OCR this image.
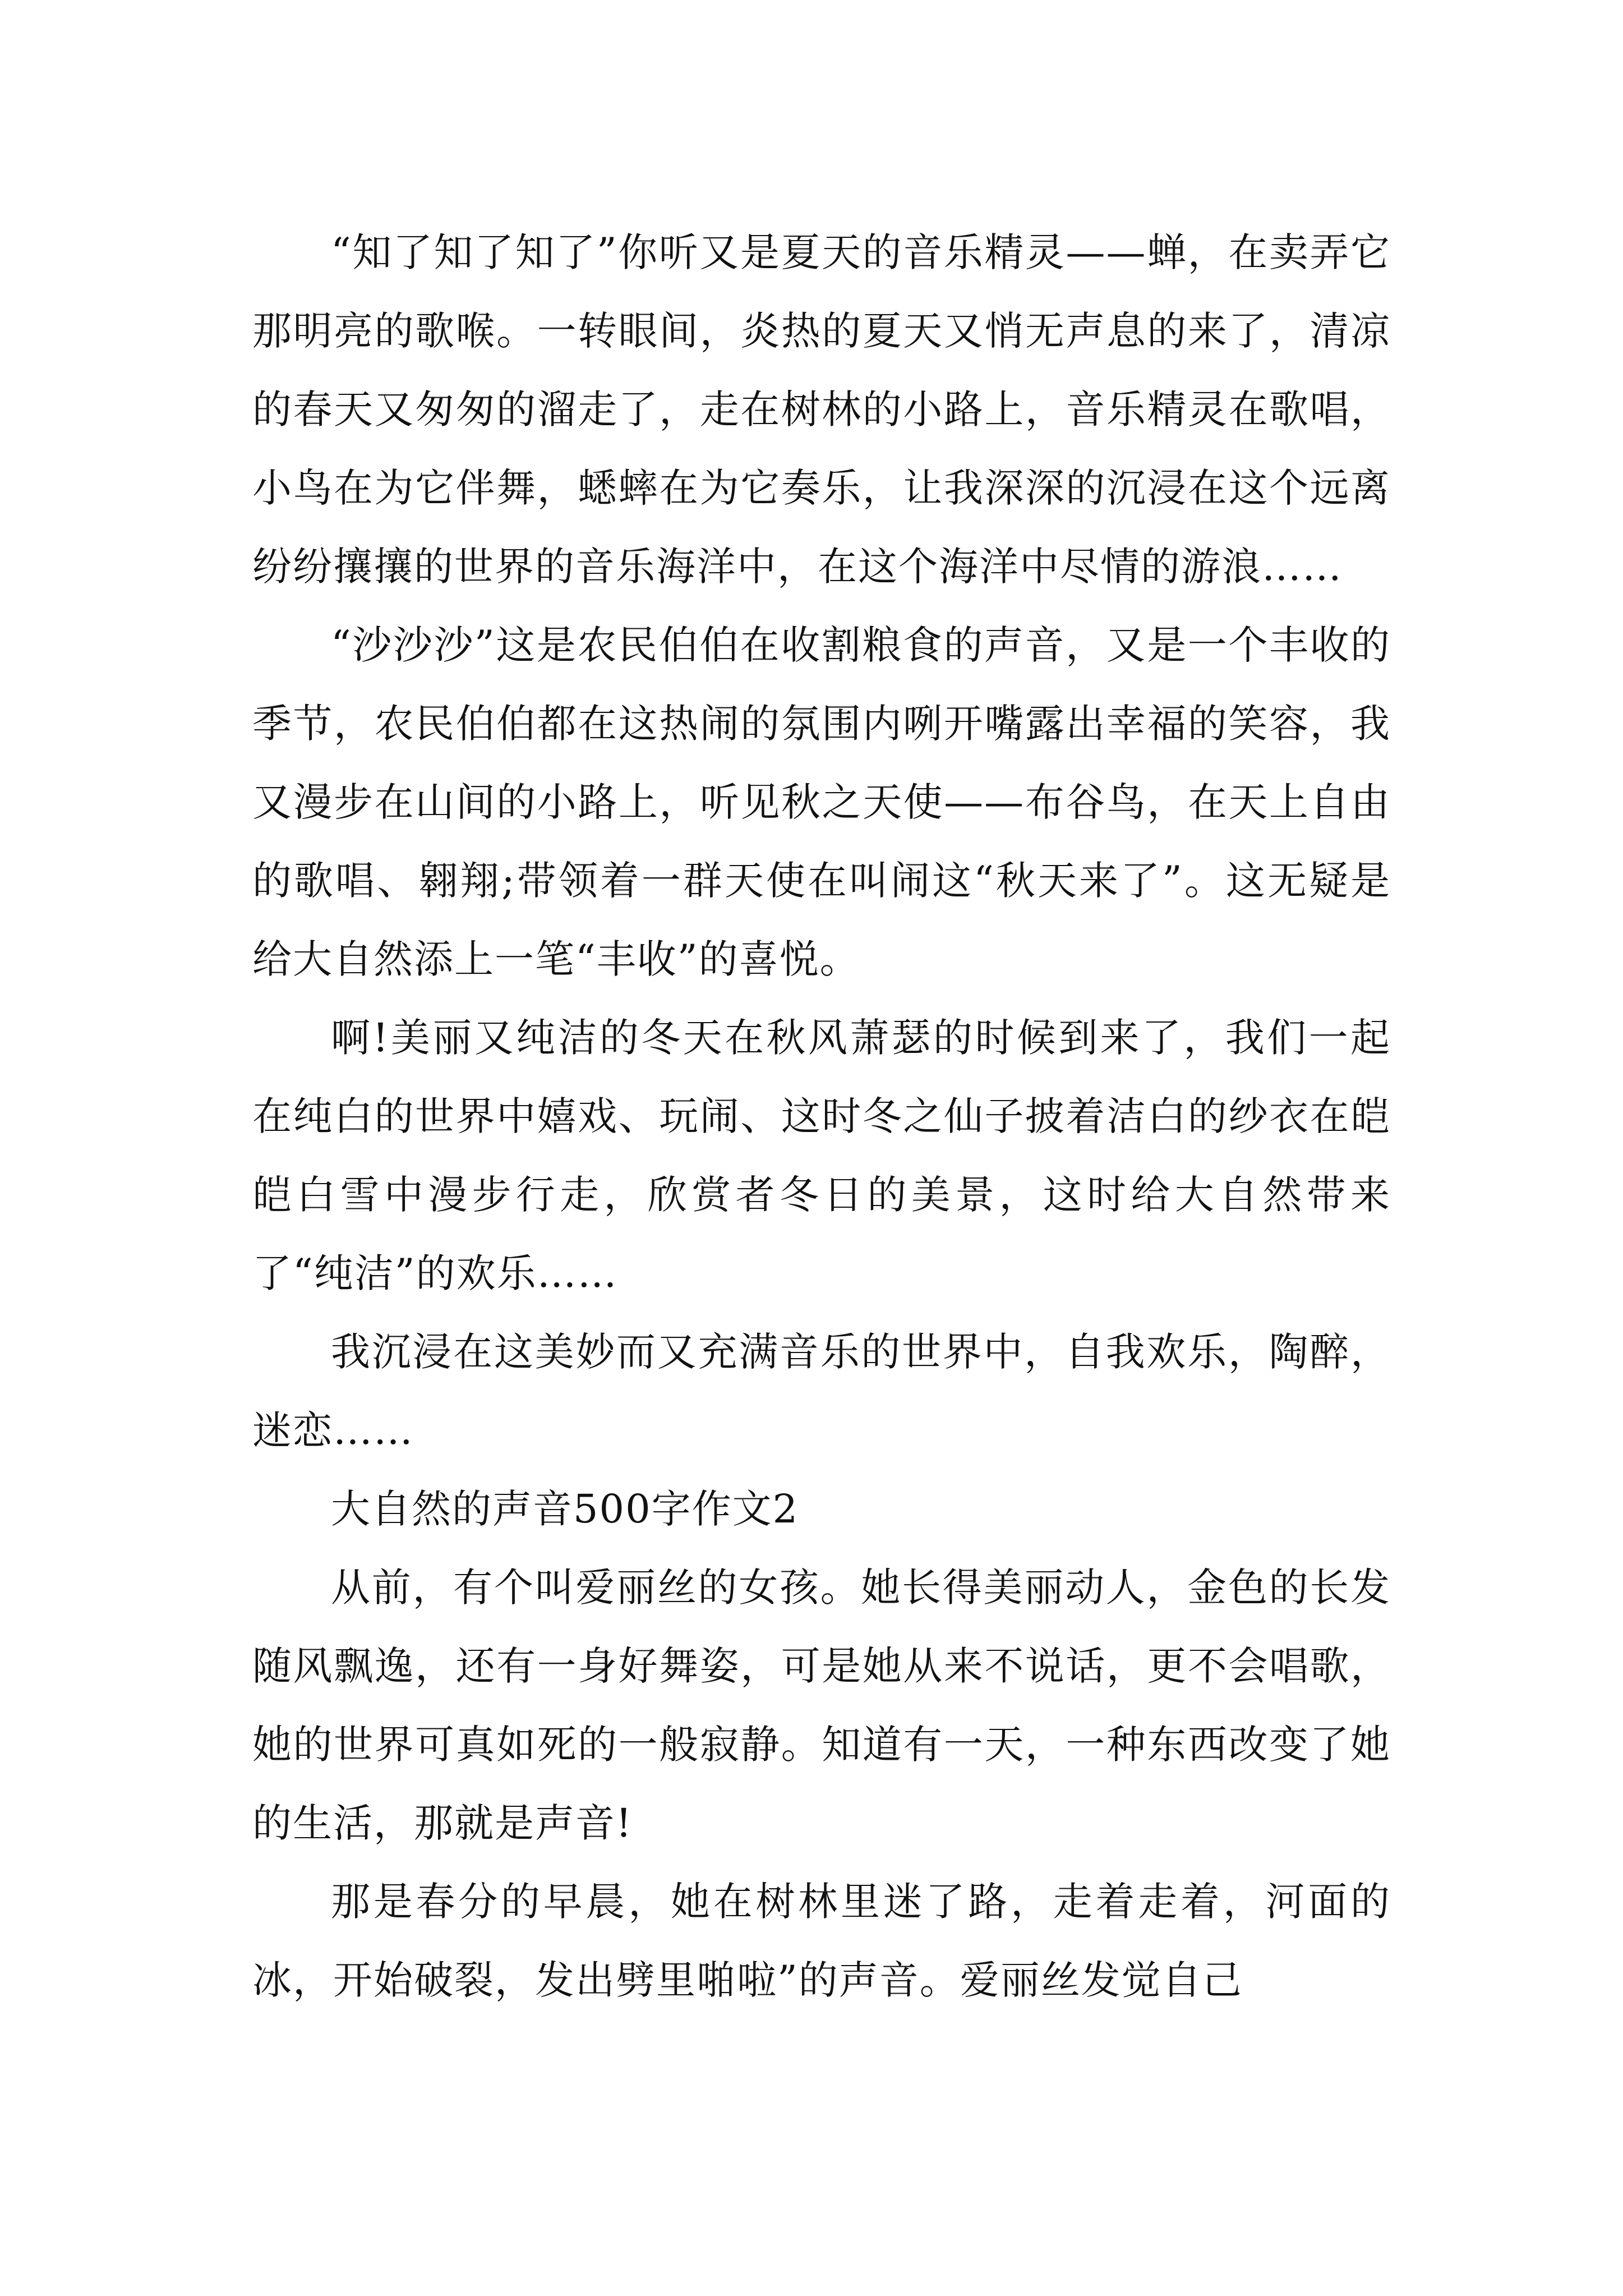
“知了知了知了”你听又是夏天的音乐精灵——蝉，在卖弄它那明亮的歌喉。一转眼间，炎热的夏天又悄无声息的来了，清凉的春天又匆匆的溜走了，走在树林的小路上，音乐精灵在歌唱，小鸟在为它伴舞，蟋蟀在为它奏乐，让我深深的沉浸在这个远离纷纷攘攘的世界的音乐海洋中，在这个海洋中尽情的游浪……

“沙沙沙”这是农民伯伯在收割粮食的声音，又是一个丰收的季节，农民伯伯都在这热闹的氛围内咧开嘴露出幸福的笑容，我又漫步在山间的小路上，听见秋之天使——布谷鸟，在天上自由的歌唱、翱翔;带领着一群天使在叫闹这“秋天来了”。这无疑是给大自然添上一笔“丰收”的喜悦。

啊!美丽又纯洁的冬天在秋风萧瑟的时候到来了，我们一起在纯白的世界中嬉戏、玩闹、这时冬之仙子披着洁白的纱衣在皑皑白雪中漫步行走，欣赏者冬日的美景，这时给大自然带来了“纯洁”的欢乐……

我沉浸在这美妙而又充满音乐的世界中，自我欢乐，陶醉，迷恋……

大自然的声音500字作文2

从前，有个叫爱丽丝的女孩。她长得美丽动人，金色的长发随风飘逸，还有一身好舞姿，可是她从来不说话，更不会唱歌，她的世界可真如死的一般寂静。知道有一天，一种东西改变了她的生活，那就是声音!

那是春分的早晨，她在树林里迷了路，走着走着，河面的冰，开始破裂，发出劈里啪啦”的声音。爱丽丝发觉自己
